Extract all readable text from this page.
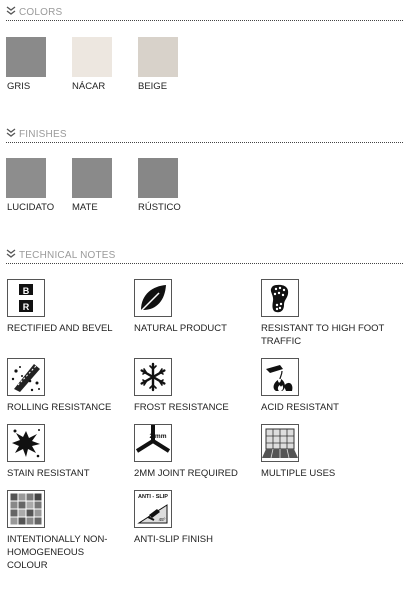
COLORS
GRIS	NÁCAR	BEIGE
FINISHES
LUCIDATO MATE	RÚSTICO
TECHNICAL NOTES
B
R
RECTIFIED AND BEVEL	NATURAL PRODUCT	RESISTANT TO HIGH FOOT TRAFFIC
ROLLING RESISTANCE	FROST RESISTANCE	ACID RESISTANT
STAIN RESISTANT
2 mm
2MM JOINT REQUIRED	MULTIPLE USES
INTENTIONALLY NON-HOMOGENEOUS COLOUR
ANTI - SLIP
45º
ANTI-SLIP FINISH
